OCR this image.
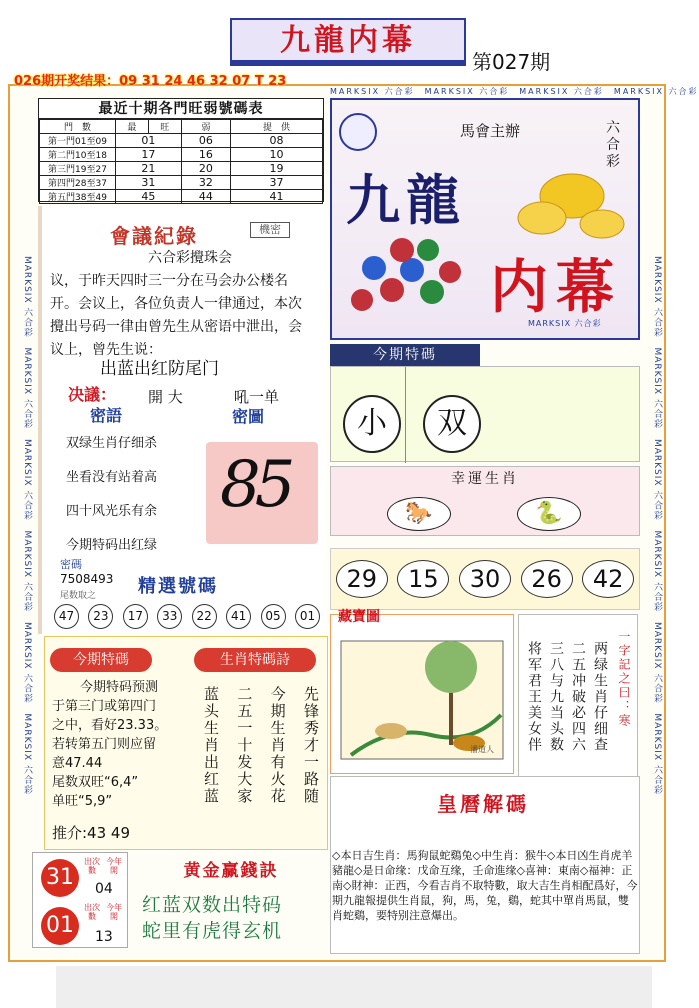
九龍内幕
第027期
026期开奖结果：09 31 24 46 32 07 T 23
MARKSIX 六合彩　MARKSIX 六合彩　MARKSIX 六合彩　MARKSIX 六合彩　MARKSIX 六合彩　MARKSIX 六合彩
MARKSIX 六合彩　MARKSIX 六合彩　MARKSIX 六合彩　MARKSIX 六合彩　MARKSIX 六合彩　MARKSIX 六合彩
MARKSIX 六合彩　 MARKSIX 六合彩　 MARKSIX 六合彩　 MARKSIX 六合彩
最近十期各門旺弱號碼表
門　數	最	旺	弱	提　供
第一門01至09	01		06	08
第二門10至18	17		16	10
第三門19至27	21		20	19
第四門28至37	31		32	37
第五門38至49	45		44	41
會議紀錄	機密
六合彩攪珠会
议，于昨天四时三一分在马会办公楼名开。会议上，各位负责人一律通过，本次攪出号码一律由曾先生从密语中泄出，会议上，曾先生说：
出蓝出红防尾门
决議： 開 大	吼一单
密語	密圖
双绿生肖仔细杀
坐看没有站着高
四十风光乐有余
今期特码出红绿
85
密碼
7508493
尾数取之 精選號碼
47	23	17	33	22	41	05	01
馬會主辦	六合彩
九龍
内幕
MARKSIX 六合彩
今期特碼
小	双
🐎	🐍
幸運生肖
29	15	30	26	42
藏寶圖
潘道人	两绿生肖仔细查
二五冲破必四六
三八与九当头数
将军君王美女伴	一字記之曰：寒
今期特碼	生肖特碼詩
今期特码预测
于第三门或第四门
之中，看好23.33。
若转第五门则应留
意47.44
尾数双旺“6,4”
单旺“5,9”
推介:43 49
先锋秀才一路随
今期生肖有火花
二五一十发大家
蓝头生肖出红蓝	皇曆解碼
◇本日吉生肖：馬狗鼠蛇鷄兔◇中生肖：猴牛◇本日凶生肖虎羊豬龍◇是日命缘：戊命互缘，壬命進缘◇喜神：東南◇福神：正南◇財神：正西，今看吉肖不取特數，取大吉生肖相配爲好，今期九龍報提供生肖鼠，狗，馬，兔，鷄，蛇其中單肖馬鼠，雙肖蛇鷄，要特别注意爆出。
31
出次數
今年開
04
01
出次數
今年開
13
黄金赢錢訣
红蓝双数出特码
蛇里有虎得玄机
